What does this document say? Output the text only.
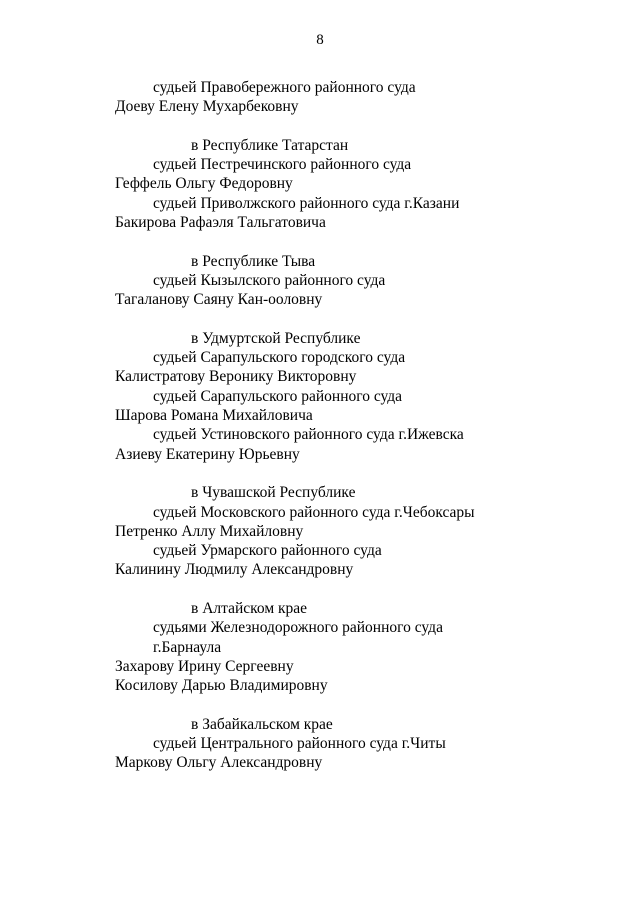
8
судьей Правобережного районного суда
Доеву Елену Мухарбековну
в Республике Татарстан
судьей Пестречинского районного суда
Геффель Ольгу Федоровну
судьей Приволжского районного суда г.Казани
Бакирова Рафаэля Тальгатовича
в Республике Тыва
судьей Кызылского районного суда
Тагаланову Саяну Кан-ооловну
в Удмуртской Республике
судьей Сарапульского городского суда
Калистратову Веронику Викторовну
судьей Сарапульского районного суда
Шарова Романа Михайловича
судьей Устиновского районного суда г.Ижевска
Азиеву Екатерину Юрьевну
в Чувашской Республике
судьей Московского районного суда г.Чебоксары
Петренко Аллу Михайловну
судьей Урмарского районного суда
Калинину Людмилу Александровну
в Алтайском крае
судьями Железнодорожного районного суда
г.Барнаула
Захарову Ирину Сергеевну
Косилову Дарью Владимировну
в Забайкальском крае
судьей Центрального районного суда г.Читы
Маркову Ольгу Александровну
